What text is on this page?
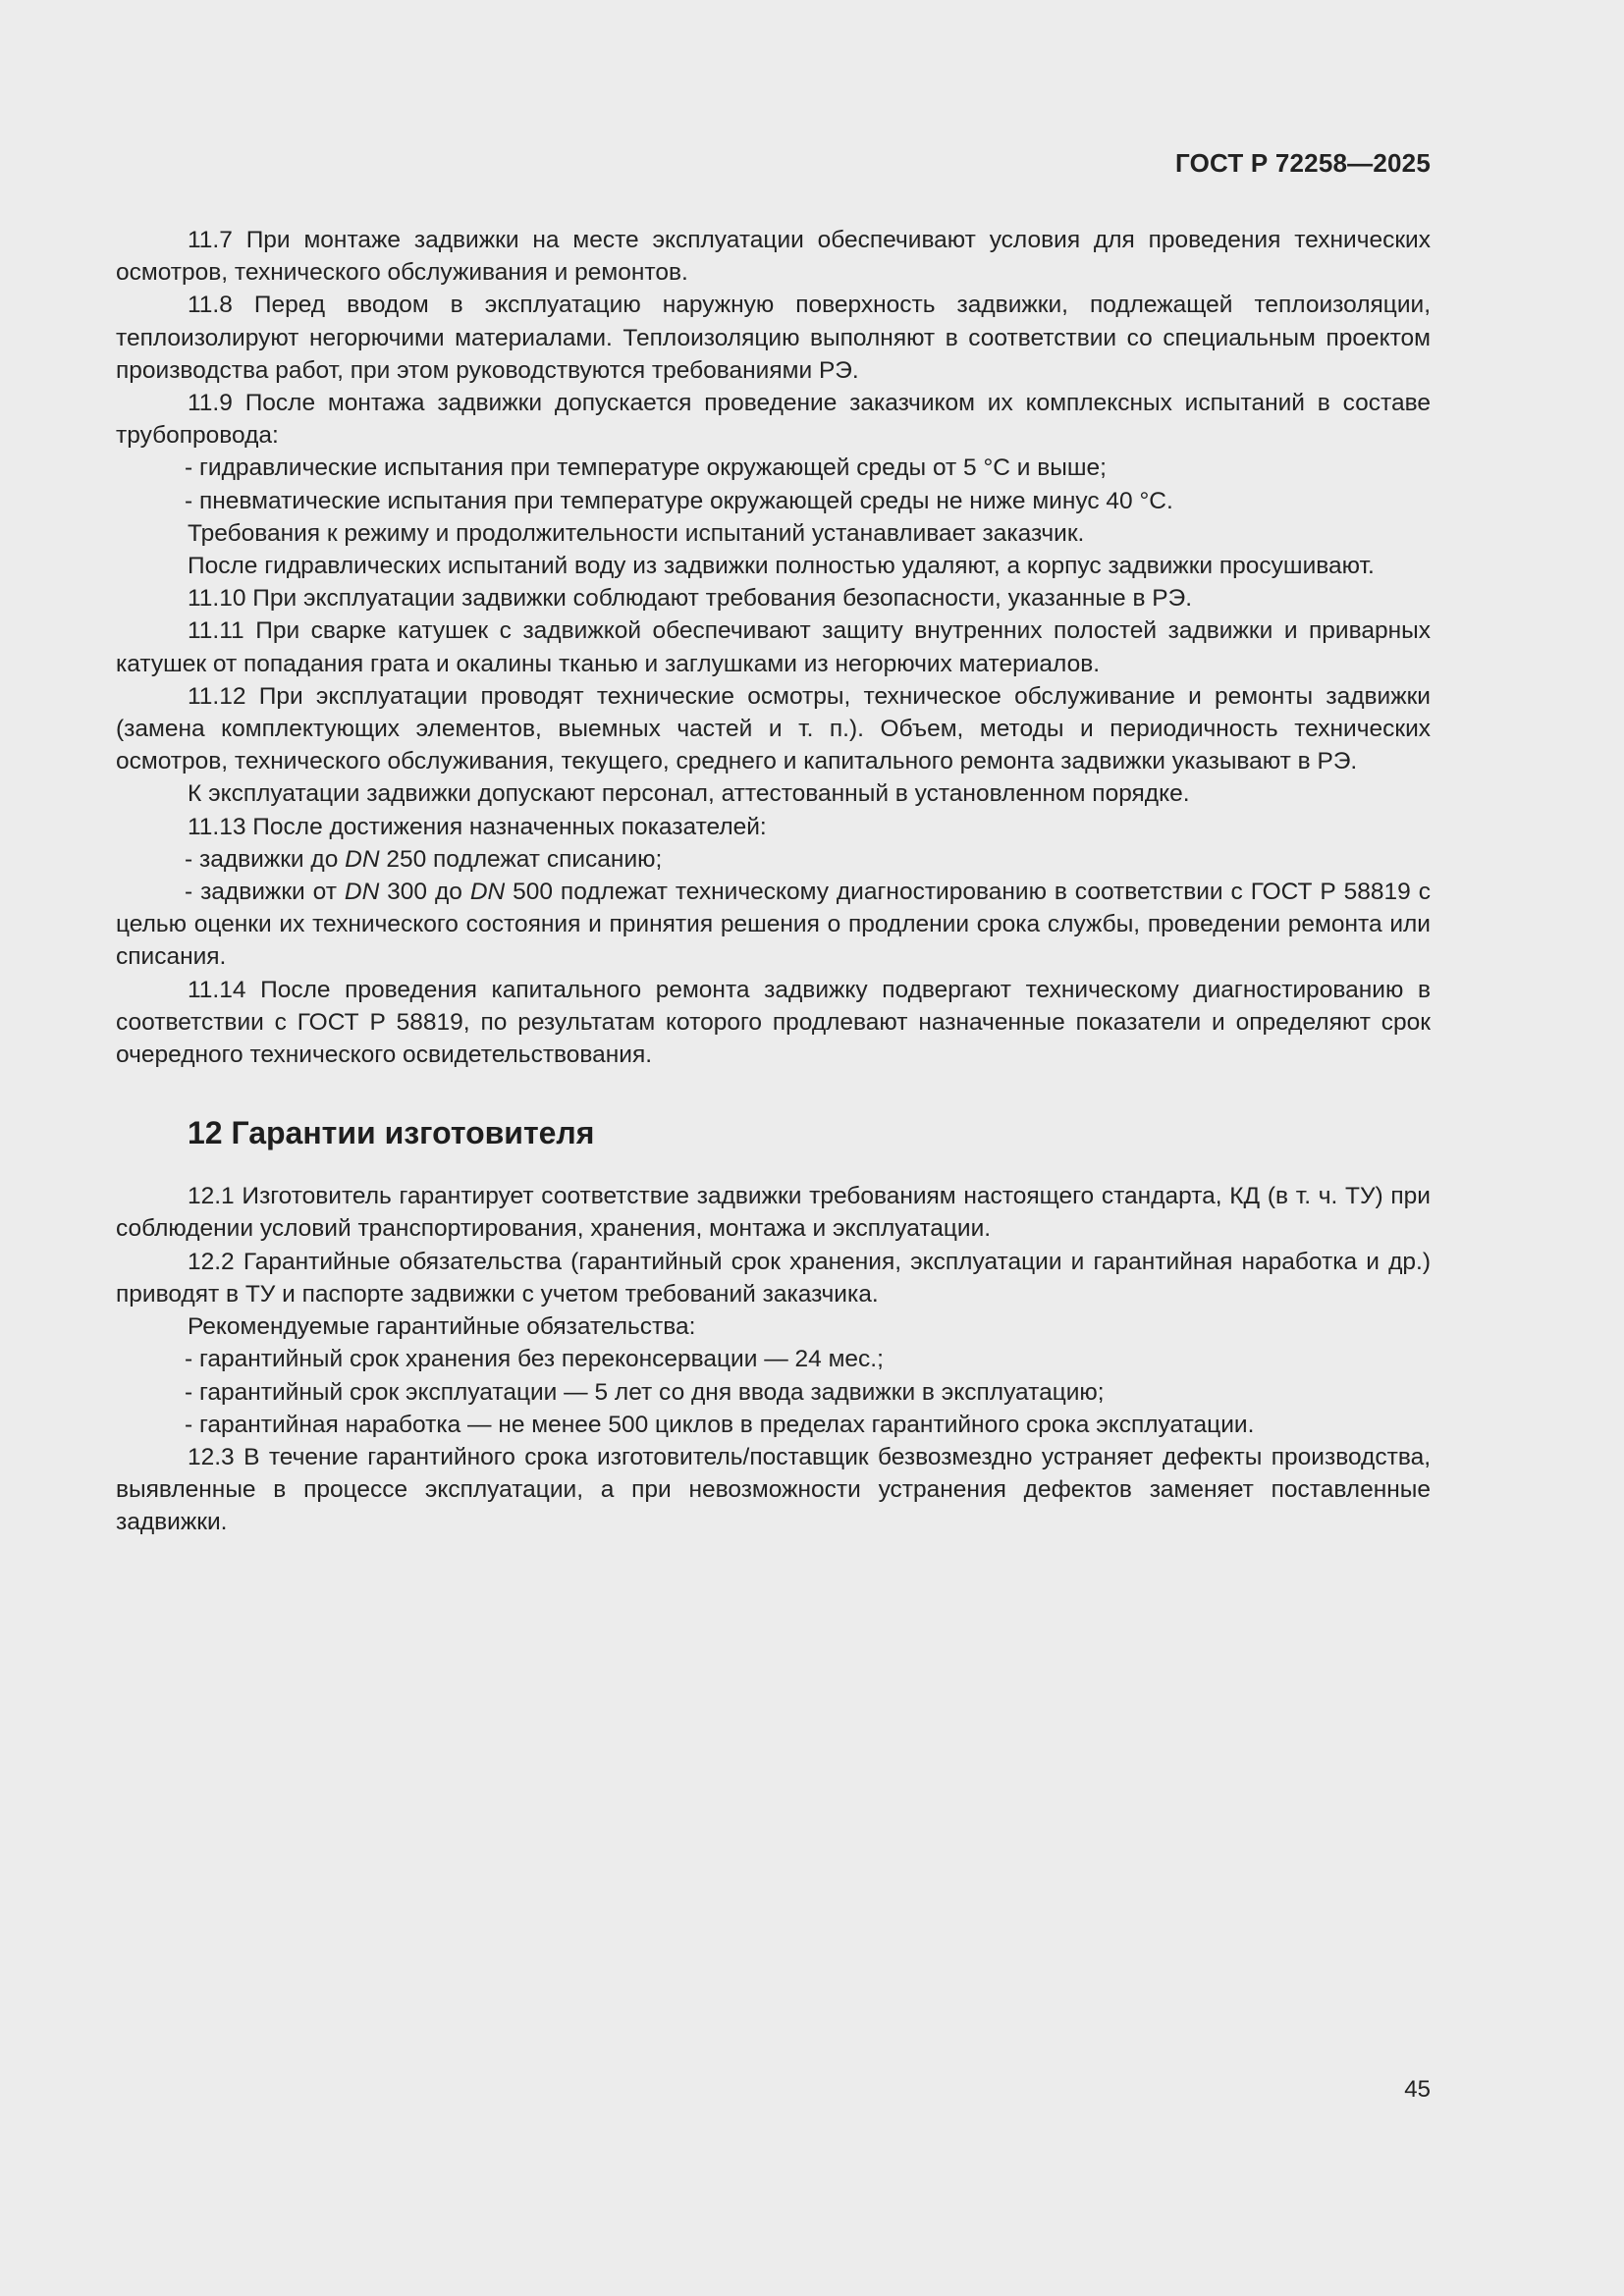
ГОСТ Р 72258—2025

11.7 При монтаже задвижки на месте эксплуатации обеспечивают условия для проведения технических осмотров, технического обслуживания и ремонтов.

11.8 Перед вводом в эксплуатацию наружную поверхность задвижки, подлежащей теплоизоляции, теплоизолируют негорючими материалами. Теплоизоляцию выполняют в соответствии со специальным проектом производства работ, при этом руководствуются требованиями РЭ.

11.9 После монтажа задвижки допускается проведение заказчиком их комплексных испытаний в составе трубопровода:

- гидравлические испытания при температуре окружающей среды от 5 °С и выше;

- пневматические испытания при температуре окружающей среды не ниже минус 40 °С.

Требования к режиму и продолжительности испытаний устанавливает заказчик.

После гидравлических испытаний воду из задвижки полностью удаляют, а корпус задвижки просушивают.

11.10 При эксплуатации задвижки соблюдают требования безопасности, указанные в РЭ.

11.11 При сварке катушек с задвижкой обеспечивают защиту внутренних полостей задвижки и приварных катушек от попадания грата и окалины тканью и заглушками из негорючих материалов.

11.12 При эксплуатации проводят технические осмотры, техническое обслуживание и ремонты задвижки (замена комплектующих элементов, выемных частей и т. п.). Объем, методы и периодичность технических осмотров, технического обслуживания, текущего, среднего и капитального ремонта задвижки указывают в РЭ.

К эксплуатации задвижки допускают персонал, аттестованный в установленном порядке.

11.13 После достижения назначенных показателей:

- задвижки до DN 250 подлежат списанию;

- задвижки от DN 300 до DN 500 подлежат техническому диагностированию в соответствии с ГОСТ Р 58819 с целью оценки их технического состояния и принятия решения о продлении срока службы, проведении ремонта или списания.

11.14 После проведения капитального ремонта задвижку подвергают техническому диагностированию в соответствии с ГОСТ Р 58819, по результатам которого продлевают назначенные показатели и определяют срок очередного технического освидетельствования.

12 Гарантии изготовителя

12.1 Изготовитель гарантирует соответствие задвижки требованиям настоящего стандарта, КД (в т. ч. ТУ) при соблюдении условий транспортирования, хранения, монтажа и эксплуатации.

12.2 Гарантийные обязательства (гарантийный срок хранения, эксплуатации и гарантийная наработка и др.) приводят в ТУ и паспорте задвижки с учетом требований заказчика.

Рекомендуемые гарантийные обязательства:

- гарантийный срок хранения без переконсервации — 24 мес.;

- гарантийный срок эксплуатации — 5 лет со дня ввода задвижки в эксплуатацию;

- гарантийная наработка — не менее 500 циклов в пределах гарантийного срока эксплуатации.

12.3 В течение гарантийного срока изготовитель/поставщик безвозмездно устраняет дефекты производства, выявленные в процессе эксплуатации, а при невозможности устранения дефектов заменяет поставленные задвижки.

45
